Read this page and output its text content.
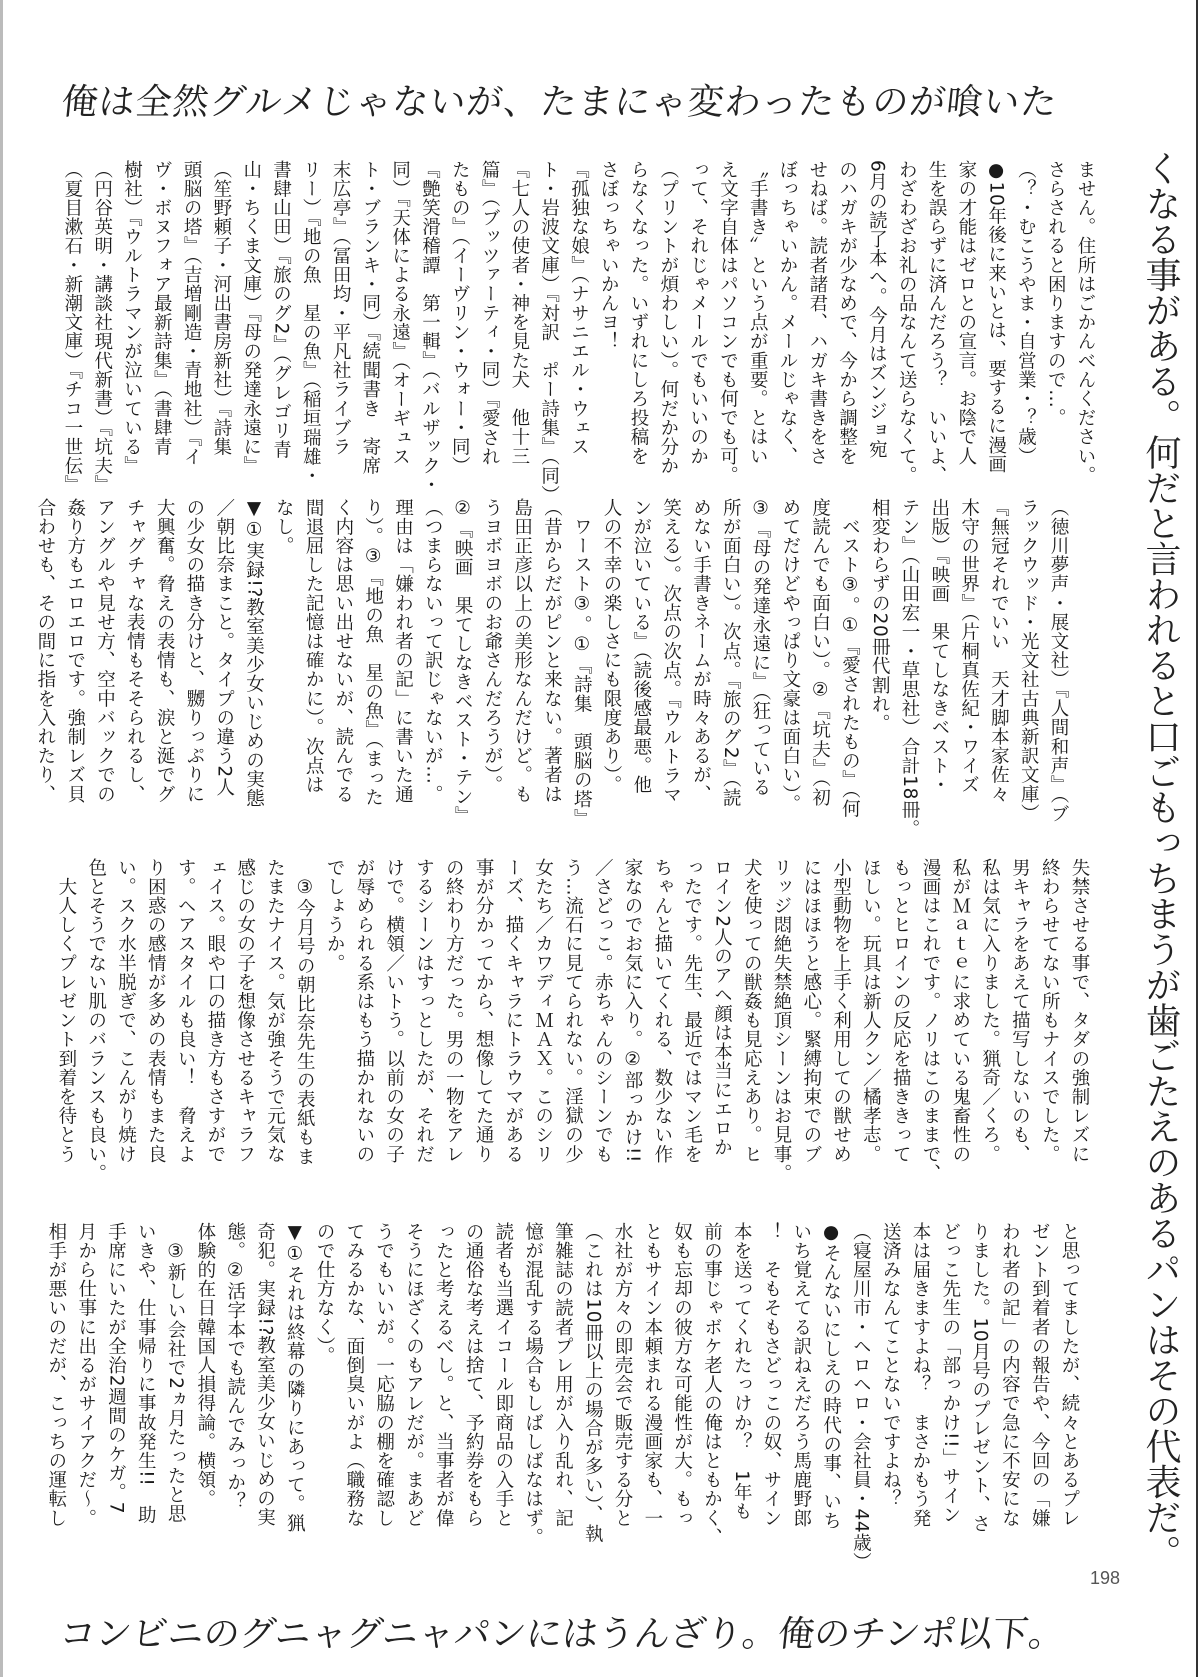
俺は全然グルメじゃないが、たまにゃ変わったものが喰いた
くなる事がある。何だと言われると口ごもっちまうが歯ごたえのあるパンはその代表だ。
コンビニのグニャグニャパンにはうんざり。俺のチンポ以下。
198
ません。住所はごかんべんください。
さらされると困りますので…。
（？・むこうやま・自営業・？歳）
●10年後に来いとは、要するに漫画
家の才能はゼロとの宣言。お陰で人
生を誤らずに済んだろう？　いいよ、
わざわざお礼の品なんて送らなくて。
6月の読了本へ。今月はズンジョ宛
のハガキが少なめで、今から調整を
せねば。読者諸君、ハガキ書きをさ
ぼっちゃいかん。メールじゃなく、
〝手書き〟という点が重要。とはい
え文字自体はパソコンでも何でも可。
って、それじゃメールでもいいのか
（プリントが煩わしい）。何だか分か
らなくなった。いずれにしろ投稿を
さぼっちゃいかんヨ！
『孤独な娘』（ナサニエル・ウェス
ト・岩波文庫）『対訳　ポー詩集』（同）
『七人の使者・神を見た犬　他十三
篇』（ブッツァーティ・同）『愛され
たもの』（イーヴリン・ウォー・同）
『艶笑滑稽譚　第一輯』（バルザック・
同）『天体による永遠』（オーギュス
ト・ブランキ・同）『続聞書き　寄席
末広亭』（冨田均・平凡社ライブラ
リー）『地の魚　星の魚』（稲垣瑞雄・
書肆山田）『旅のグ2』（グレゴリ青
山・ちくま文庫）『母の発達永遠に』
（笙野頼子・河出書房新社）『詩集
頭脳の塔』（吉増剛造・青地社）『イ
ヴ・ボヌフォア最新詩集』（書肆青
樹社）『ウルトラマンが泣いている』
（円谷英明・講談社現代新書）『坑夫』
（夏目漱石・新潮文庫）『チコ一世伝』
（徳川夢声・展文社）『人間和声』（ブ
ラックウッド・光文社古典新訳文庫）
『無冠それでいい　天才脚本家佐々
木守の世界』（片桐真佐紀・ワイズ
出版）『映画　果てしなきベスト・
テン』（山田宏一・草思社）合計18冊。
相変わらずの20冊代割れ。
　ベスト③。①『愛されたもの』（何
度読んでも面白い）。②『坑夫』（初
めてだけどやっぱり文豪は面白い）。
③『母の発達永遠に』（狂っている
所が面白い）。次点。『旅のグ2』（読
めない手書きネームが時々あるが、
笑える）。次点の次点。『ウルトラマ
ンが泣いている』（読後感最悪。他
人の不幸の楽しさにも限度あり）。
　ワースト③。①『詩集　頭脳の塔』
（昔からだがピンと来ない。著者は
島田正彦以上の美形なんだけど。も
うヨボヨボのお爺さんだろうが）。
②『映画　果てしなきベスト・テン』
（つまらないって訳じゃないが…。
理由は「嫌われ者の記」に書いた通
り）。③『地の魚　星の魚』（まった
く内容は思い出せないが、読んでる
間退屈した記憶は確かに）。次点は
なし。
▼①実録!?教室美少女いじめの実態
／朝比奈まこと。タイプの違う2人
の少女の描き分けと、嬲りっぷりに
大興奮。脅えの表情も、涙と涎でグ
チャグチャな表情もそそられるし、
アングルや見せ方、空中バックでの
姦り方もエロエロです。強制レズ貝
合わせも、その間に指を入れたり、
失禁させる事で、タダの強制レズに
終わらせてない所もナイスでした。
男キャラをあえて描写しないのも、
私は気に入りました。猟奇／くろ。
私がＭａｔｅに求めている鬼畜性の
漫画はこれです。ノリはこのままで、
もっとヒロインの反応を描ききって
ほしい。玩具は新人クン／橘孝志。
小型動物を上手く利用しての獣せめ
にはほほうと感心。緊縛拘束でのブ
リッジ悶絶失禁絶頂シーンはお見事。
犬を使っての獣姦も見応えあり。ヒ
ロイン2人のアヘ顔は本当にエロか
ったです。先生、最近ではマン毛を
ちゃんと描いてくれる、数少ない作
家なのでお気に入り。②部っかけ!!
／さどっこ。赤ちゃんのシーンでも
う…流石に見てられない。淫獄の少
女たち／カワディＭＡＸ。このシリ
ーズ、描くキャラにトラウマがある
事が分かってから、想像してた通り
の終わり方だった。男の一物をアレ
するシーンはすっとしたが、それだ
けで。横領／いトう。以前の女の子
が辱められる系はもう描かれないの
でしょうか。
　③今月号の朝比奈先生の表紙もま
たまたナイス。気が強そうで元気な
感じの女の子を想像させるキャラフ
ェイス。眼や口の描き方もさすがで
す。ヘアスタイルも良い！　脅えよ
り困惑の感情が多めの表情もまた良
い。スク水半脱ぎで、こんがり焼け
色とそうでない肌のバランスも良い。
　大人しくプレゼント到着を待とう
と思ってましたが、続々とあるプレ
ゼント到着者の報告や、今回の「嫌
われ者の記」の内容で急に不安にな
りました。10月号のプレゼント、さ
どっこ先生の「部っかけ!!」サイン
本は届きますよね？　まさかもう発
送済みなんてことないですよね？
（寝屋川市・ヘロヘロ・会社員・44歳）
●そんないにしえの時代の事、いち
いち覚えてる訳ねえだろう馬鹿野郎
！　そもそもさどっこの奴、サイン
本を送ってくれたっけか？　1年も
前の事じゃボケ老人の俺はともかく、
奴も忘却の彼方な可能性が大。もっ
ともサイン本頼まれる漫画家も、一
水社が方々の即売会で販売する分と
（これは10冊以上の場合が多い）、執
筆雑誌の読者プレ用が入り乱れ、記
憶が混乱する場合もしばしばなはず。
読者も当選イコール即商品の入手と
の通俗な考えは捨て、予約券をもら
ったと考えるべし。と、当事者が偉
そうにほざくのもアレだが。まあど
うでもいいが。一応脇の棚を確認し
てみるかな、面倒臭いがよ（職務な
ので仕方なく）。
▼①それは終幕の隣りにあって。猟
奇犯。実録!?教室美少女いじめの実
態。②活字本でも読んでみっか？
体験的在日韓国人損得論。横領。
　③新しい会社で2ヵ月たったと思
いきや、仕事帰りに事故発生!!　助
手席にいたが全治2週間のケガ。7
月から仕事に出るがサイアクだ～。
相手が悪いのだが、こっちの運転し
